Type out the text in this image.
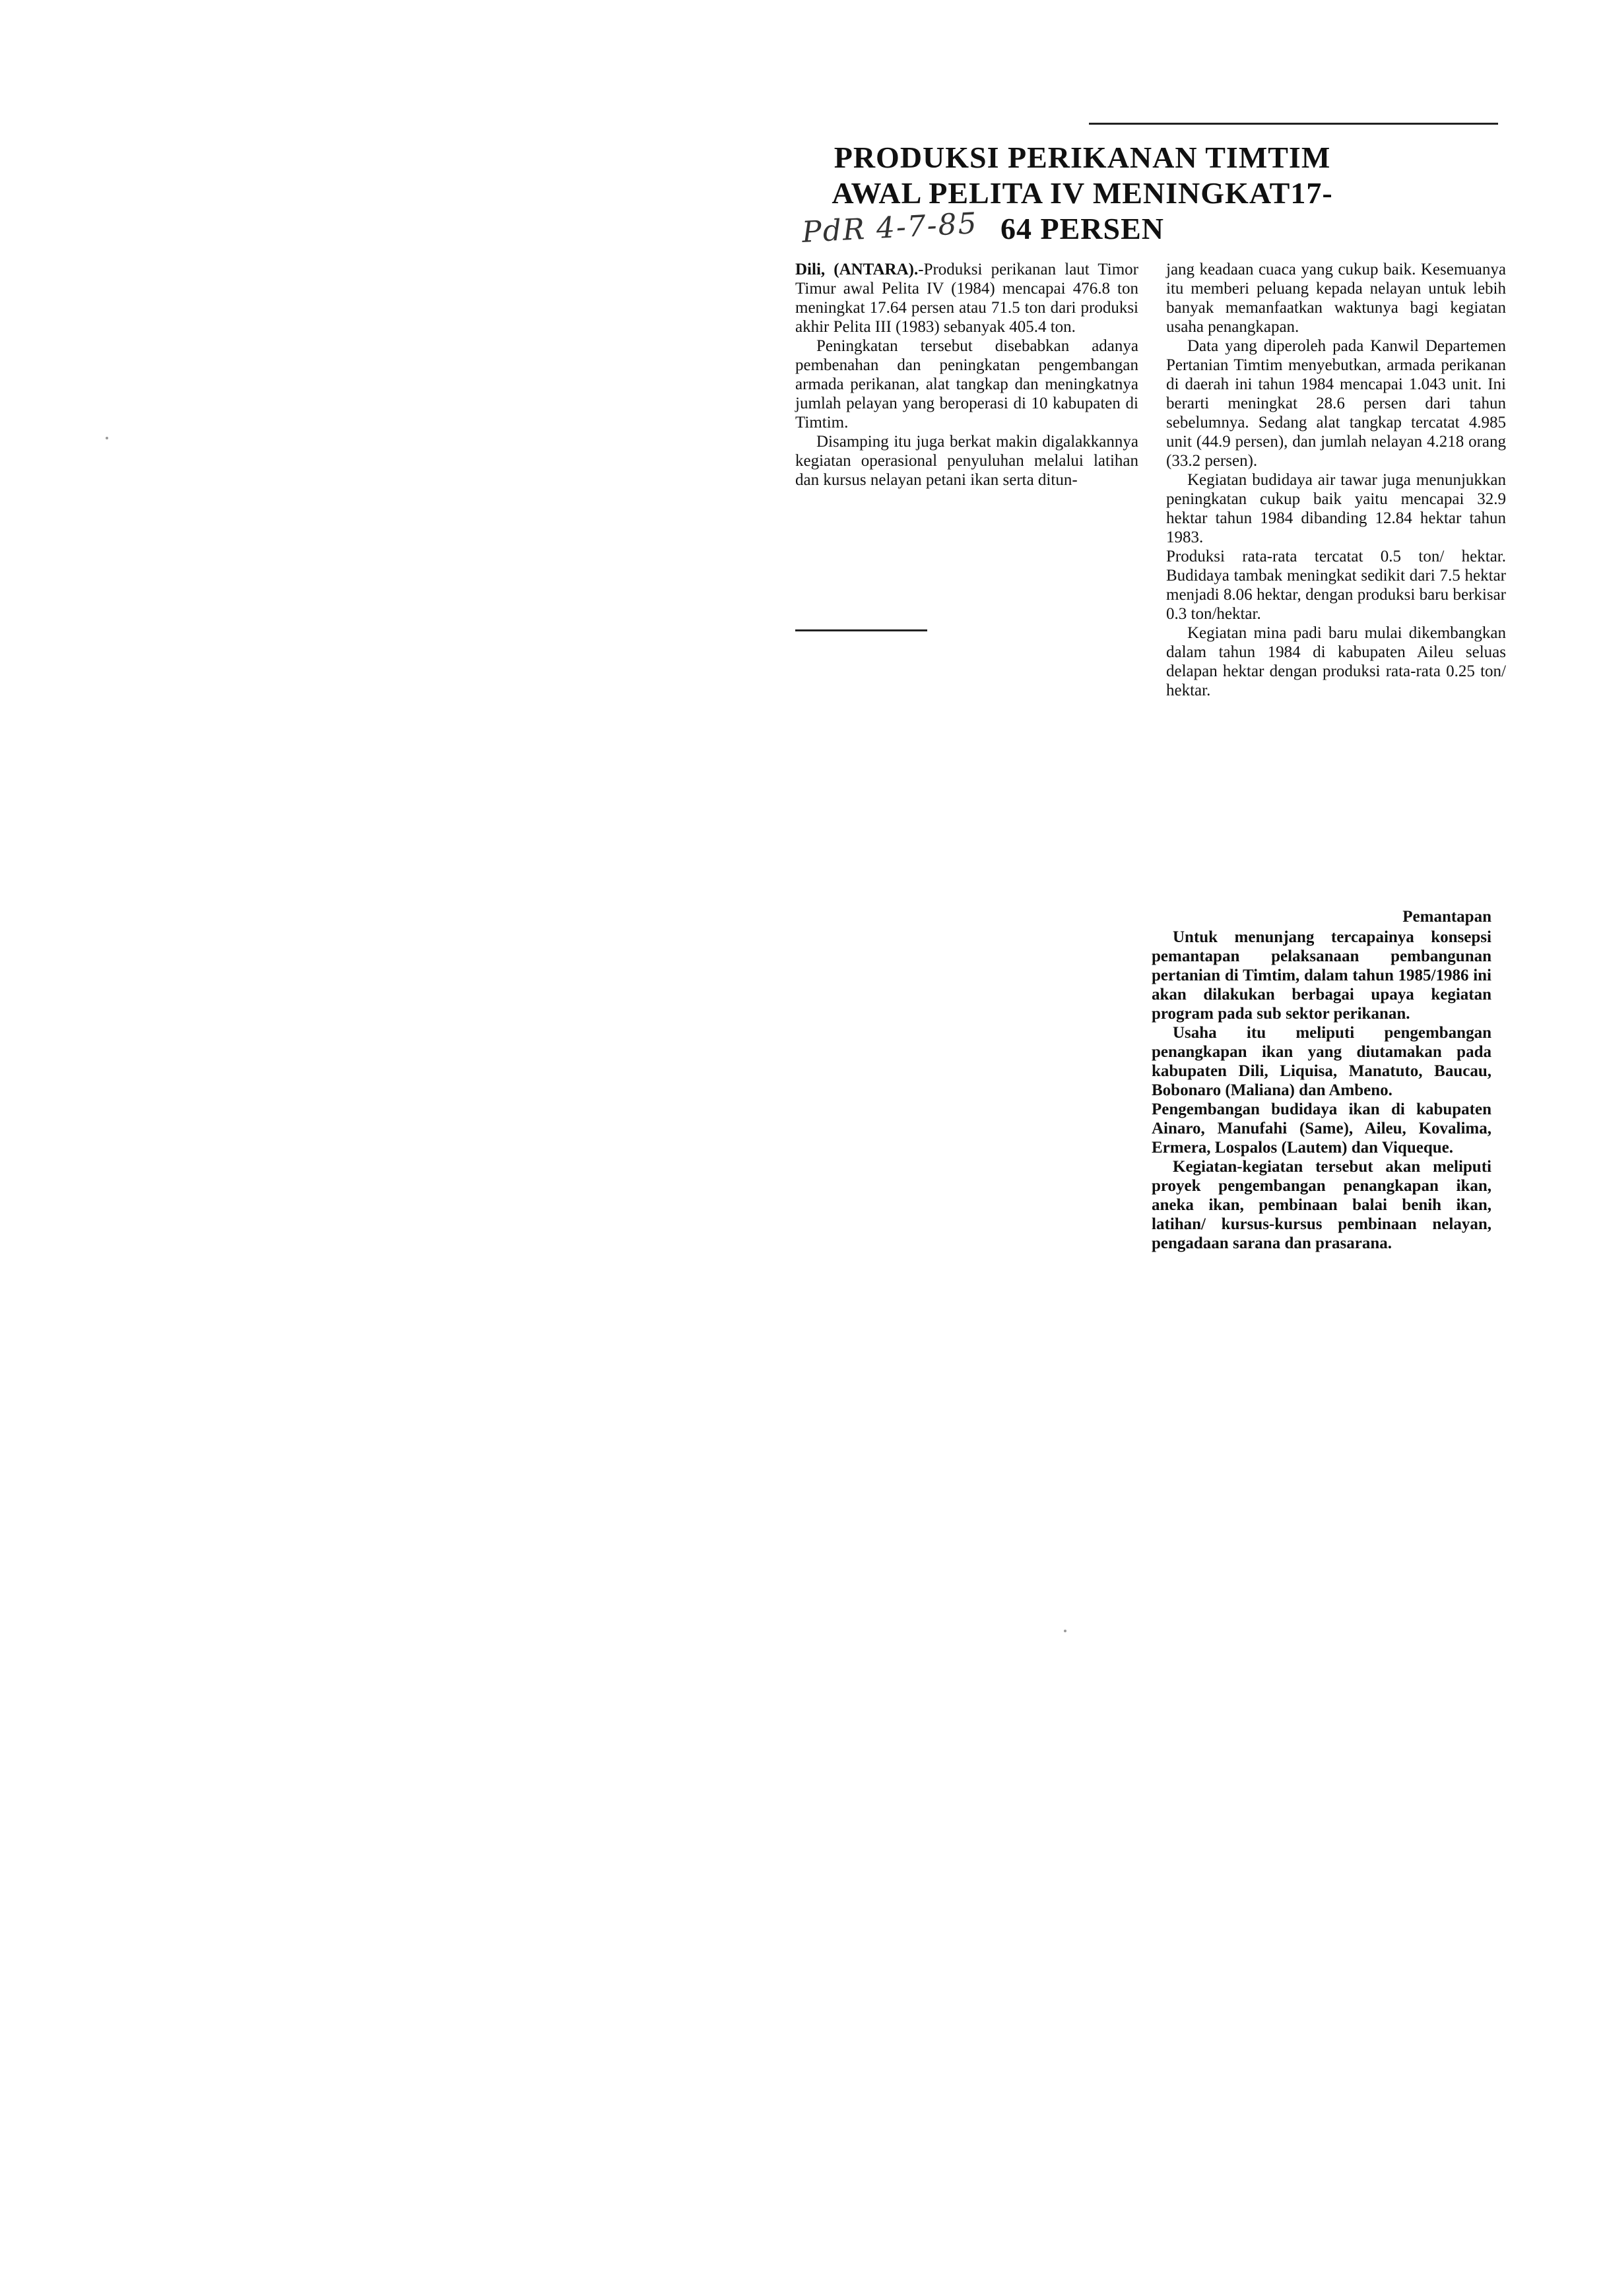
PRODUKSI PERIKANAN TIMTIM
AWAL PELITA IV MENINGKAT17-
64 PERSEN
PdR 4-7-85

Dili, (ANTARA).-Produksi perikanan laut Timor Timur awal Pelita IV (1984) mencapai 476.8 ton meningkat 17.64 persen atau 71.5 ton dari produksi akhir Pelita III (1983) sebanyak 405.4 ton.

Peningkatan tersebut disebabkan adanya pembenahan dan peningkatan pengembangan armada perikanan, alat tangkap dan meningkatnya jumlah pelayan yang beroperasi di 10 kabupaten di Timtim.

Disamping itu juga berkat makin digalakkannya kegiatan operasional penyuluhan melalui latihan dan kursus nelayan petani ikan serta ditun-

jang keadaan cuaca yang cukup baik. Kesemuanya itu memberi peluang kepada nelayan untuk lebih banyak memanfaatkan waktunya bagi kegiatan usaha penangkapan.

Data yang diperoleh pada Kanwil Departemen Pertanian Timtim menyebutkan, armada perikanan di daerah ini tahun 1984 mencapai 1.043 unit. Ini berarti meningkat 28.6 persen dari tahun sebelumnya. Sedang alat tangkap tercatat 4.985 unit (44.9 persen), dan jumlah nelayan 4.218 orang (33.2 persen).

Kegiatan budidaya air tawar juga menunjukkan peningkatan cukup baik yaitu mencapai 32.9 hektar tahun 1984 dibanding 12.84 hektar tahun 1983.

Produksi rata-rata tercatat 0.5 ton/ hektar. Budidaya tambak meningkat sedikit dari 7.5 hektar menjadi 8.06 hektar, dengan produksi baru berkisar 0.3 ton/hektar.

Kegiatan mina padi baru mulai dikembangkan dalam tahun 1984 di kabupaten Aileu seluas delapan hektar dengan produksi rata-rata 0.25 ton/ hektar.

Pemantapan

Untuk menunjang tercapainya konsepsi pemantapan pelaksanaan pembangunan pertanian di Timtim, dalam tahun 1985/1986 ini akan dilakukan berbagai upaya kegiatan program pada sub sektor perikanan.

Usaha itu meliputi pengembangan penangkapan ikan yang diutamakan pada kabupaten Dili, Liquisa, Manatuto, Baucau, Bobonaro (Maliana) dan Ambeno.

Pengembangan budidaya ikan di kabupaten Ainaro, Manufahi (Same), Aileu, Kovalima, Ermera, Lospalos (Lautem) dan Viqueque.

Kegiatan-kegiatan tersebut akan meliputi proyek pengembangan penangkapan ikan, aneka ikan, pembinaan balai benih ikan, latihan/ kursus-kursus pembinaan nelayan, pengadaan sarana dan prasarana.
